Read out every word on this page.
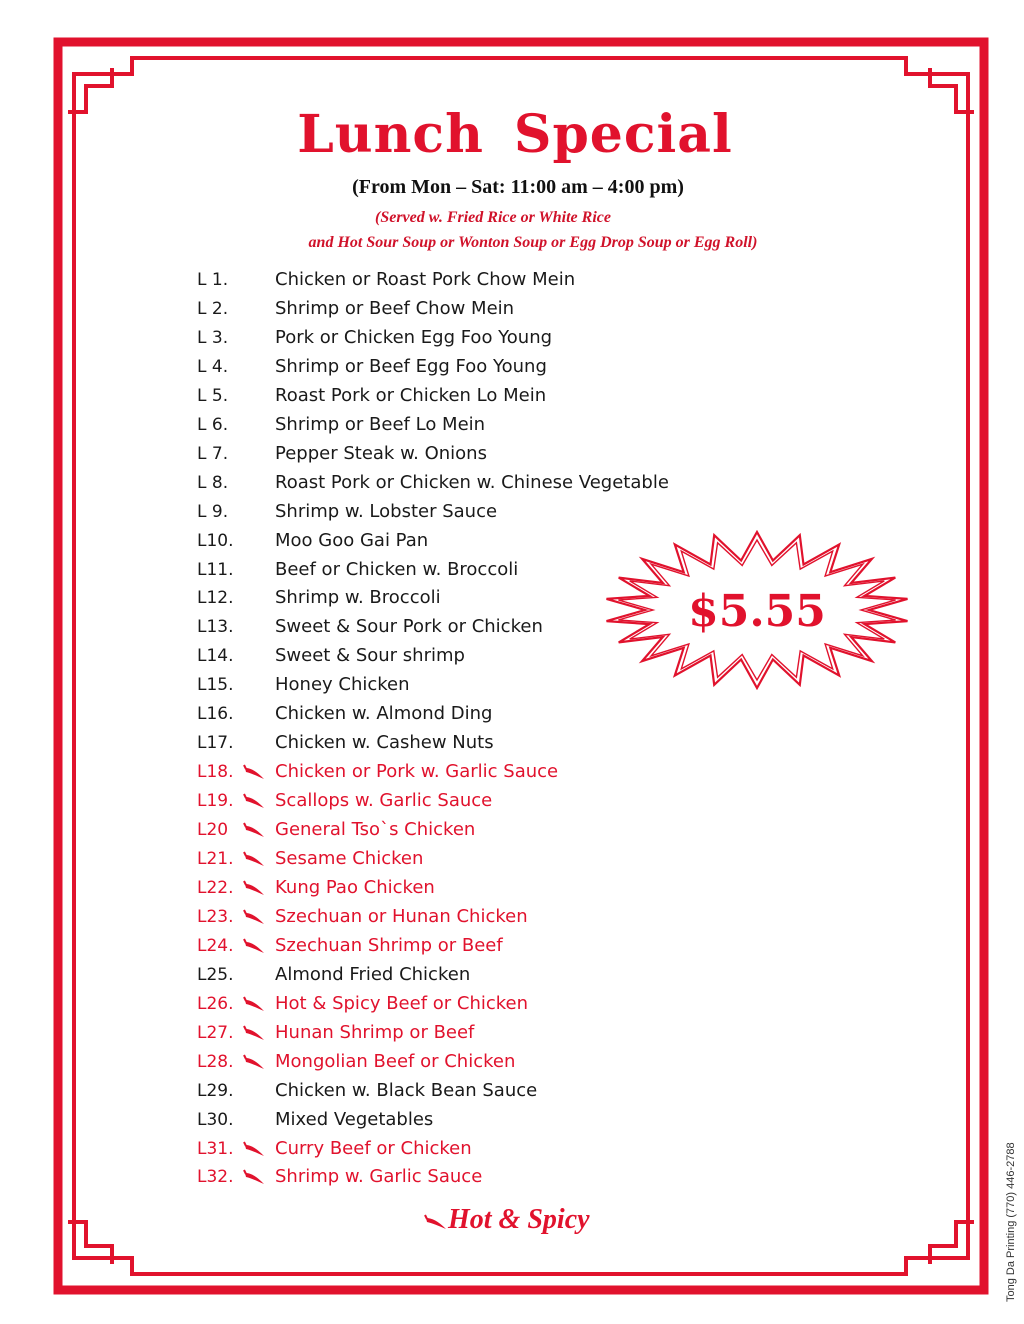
Lunch Special
(From Mon – Sat: 11:00 am – 4:00 pm)
(Served w. Fried Rice or White Rice
and Hot Sour Soup or Wonton Soup or Egg Drop Soup or Egg Roll)
L 1.	Chicken or Roast Pork Chow Mein
L 2.	Shrimp or Beef Chow Mein
L 3.	Pork or Chicken Egg Foo Young
L 4.	Shrimp or Beef Egg Foo Young
L 5.	Roast Pork or Chicken Lo Mein
L 6.	Shrimp or Beef Lo Mein
L 7.	Pepper Steak w. Onions
L 8.	Roast Pork or Chicken w. Chinese Vegetable
L 9.	Shrimp w. Lobster Sauce
L10. Moo Goo Gai Pan
L11. Beef or Chicken w. Broccoli
L12. Shrimp w. Broccoli
L13. Sweet & Sour Pork or Chicken
L14. Sweet & Sour shrimp
L15. Honey Chicken
L16. Chicken w. Almond Ding
L17. Chicken w. Cashew Nuts
L18. Chicken or Pork w. Garlic Sauce
L19. Scallops w. Garlic Sauce
L20	General Tso`s Chicken
L21. Sesame Chicken
L22. Kung Pao Chicken
L23. Szechuan or Hunan Chicken
L24. Szechuan Shrimp or Beef
L25. Almond Fried Chicken
L26. Hot & Spicy Beef or Chicken
L27. Hunan Shrimp or Beef
L28. Mongolian Beef or Chicken
L29. Chicken w. Black Bean Sauce
L30. Mixed Vegetables
L31. Curry Beef or Chicken
L32. Shrimp w. Garlic Sauce
$5.55
Hot & Spicy	Tong Da Printing (770) 446-2788
